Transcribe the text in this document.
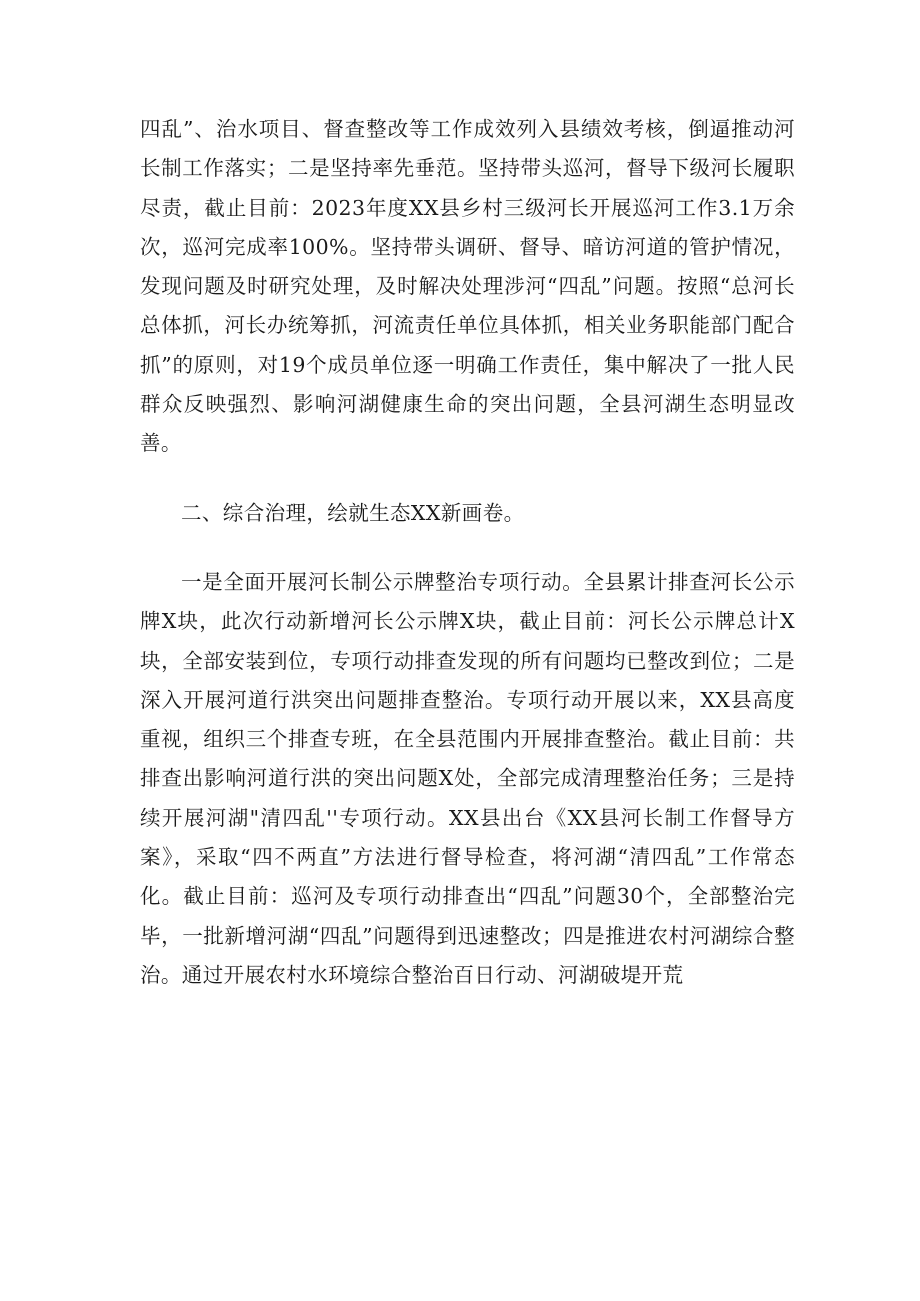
四乱”、治水项目、督查整改等工作成效列入县绩效考核，倒逼推动河长制工作落实；二是坚持率先垂范。坚持带头巡河，督导下级河长履职尽责，截止目前：2023年度XX县乡村三级河长开展巡河工作3.1万余次，巡河完成率100%。坚持带头调研、督导、暗访河道的管护情况，发现问题及时研究处理，及时解决处理涉河“四乱”问题。按照“总河长总体抓，河长办统筹抓，河流责任单位具体抓，相关业务职能部门配合抓”的原则，对19个成员单位逐一明确工作责任，集中解决了一批人民群众反映强烈、影响河湖健康生命的突出问题，全县河湖生态明显改善。

二、综合治理，绘就生态XX新画卷。

一是全面开展河长制公示牌整治专项行动。全县累计排查河长公示牌X块，此次行动新增河长公示牌X块，截止目前：河长公示牌总计X块，全部安装到位，专项行动排查发现的所有问题均已整改到位；二是深入开展河道行洪突出问题排查整治。专项行动开展以来，XX县高度重视，组织三个排查专班，在全县范围内开展排查整治。截止目前：共排查出影响河道行洪的突出问题X处，全部完成清理整治任务；三是持续开展河湖"清四乱''专项行动。XX县出台《XX县河长制工作督导方案》，采取“四不两直”方法进行督导检查，将河湖“清四乱”工作常态化。截止目前：巡河及专项行动排查出“四乱”问题30个，全部整治完毕，一批新增河湖“四乱”问题得到迅速整改；四是推进农村河湖综合整治。通过开展农村水环境综合整治百日行动、河湖破堤开荒
